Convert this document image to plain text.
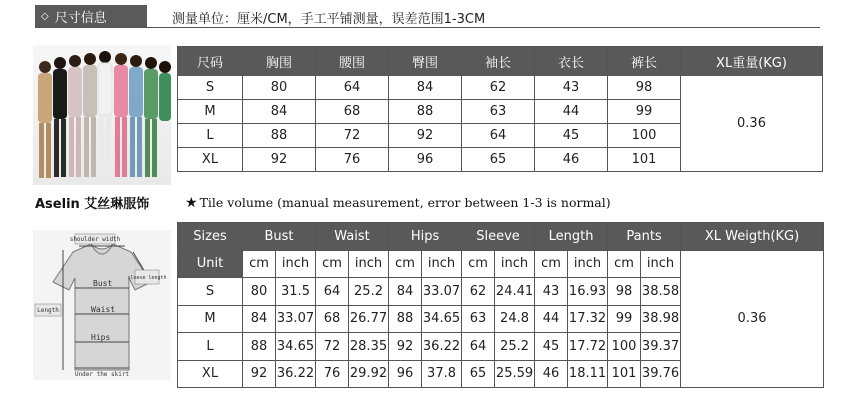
◇ 尺寸信息	测量单位：厘米/CM，手工平铺测量，误差范围1-3CM
尺码	胸围	腰围	臀围	袖长	衣长	裤长	XL重量(KG)
S	80	64	84	62	43	98	0.36
M	84	68	88	63	44	99	
L	88	72	92	64	45	100	
XL	92	76	96	65	46	101	
Aselin 艾丝琳服饰	★ Tile volume (manual measurement, error between 1-3 is normal)
shoulder width
sleeve length
Bust
Waist
Hips
Length
Under the skirt
Sizes	Bust		Waist		Hips		Sleeve		Length		Pants		XL Weigth(KG)
Unit	cm	inch	cm	inch	cm	inch	cm	inch	cm	inch	cm	inch	0.36
S	80	31.5	64	25.2	84	33.07	62	24.41	43	16.93	98	38.58	
M	84	33.07	68	26.77	88	34.65	63	24.8	44	17.32	99	38.98	
L	88	34.65	72	28.35	92	36.22	64	25.2	45	17.72	100	39.37	
XL	92	36.22	76	29.92	96	37.8	65	25.59	46	18.11	101	39.76	
